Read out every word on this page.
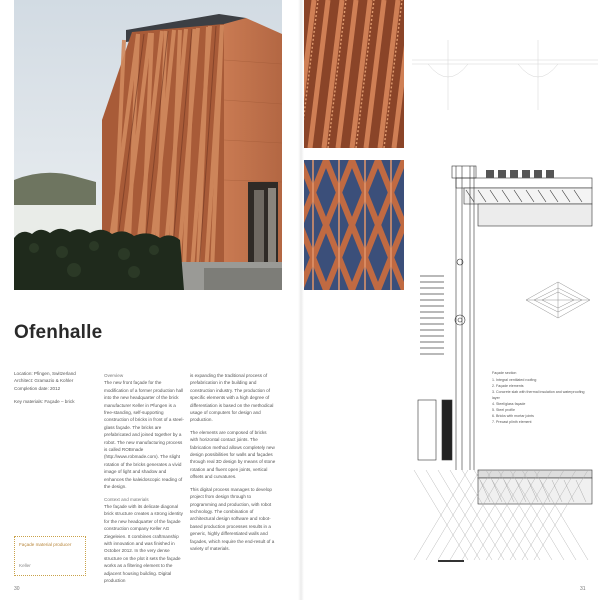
Façade section
1. Integral ventilated roofing
2. Façade elements
3. Concrete slab with thermal insulation and waterproofing layer
4. Steel/glass façade
5. Steel profile
6. Bricks with mortar joints
7. Precast plinth element
Ofenhalle
Location: Pfingen, Switzerland
Architect: Gramazio & Kohler
Completion date: 2012
Key materials: Façade – brick
Overview

The new front façade for the modification of a former production hall into the new headquarter of the brick manufacturer Keller in Pfungen is a free-standing, self-supporting construction of bricks in front of a steel-glass façade. The bricks are prefabricated and joined together by a robot. The new manufacturing process is called ROBmade (http://www.robmade.com). The slight rotation of the bricks generates a vivid image of light and shadow and enhances the kaleidoscopic reading of the design.

Context and materials

The façade with its delicate diagonal brick structure creates a strong identity for the new headquarter of the façade construction company Keller AG Ziegeleien. It combines craftmanship with innovation and was finished in October 2012. In the very dense structure on the plot it sets the façade works as a filtering element to the adjacent housing building. Digital production

is expanding the traditional process of prefabrication in the building and construction industry. The production of specific elements with a high degree of differentiation is based on the methodical usage of computers for design and production.

The elements are composed of bricks with horizontal contact joints. The fabrication method allows completely new design possibilities for walls and façades through real 3D design by means of stone rotation and fluent open joints, vertical offsets and curvatures.

This digital process manages to develop project from design through to programming and production, with robot technology. The combination of architectural design software and robot-based production processes results in a generic, highly differentiated walls and façades, which require the end-result of a variety of materials.

Façade material producer
Keller
30	31
